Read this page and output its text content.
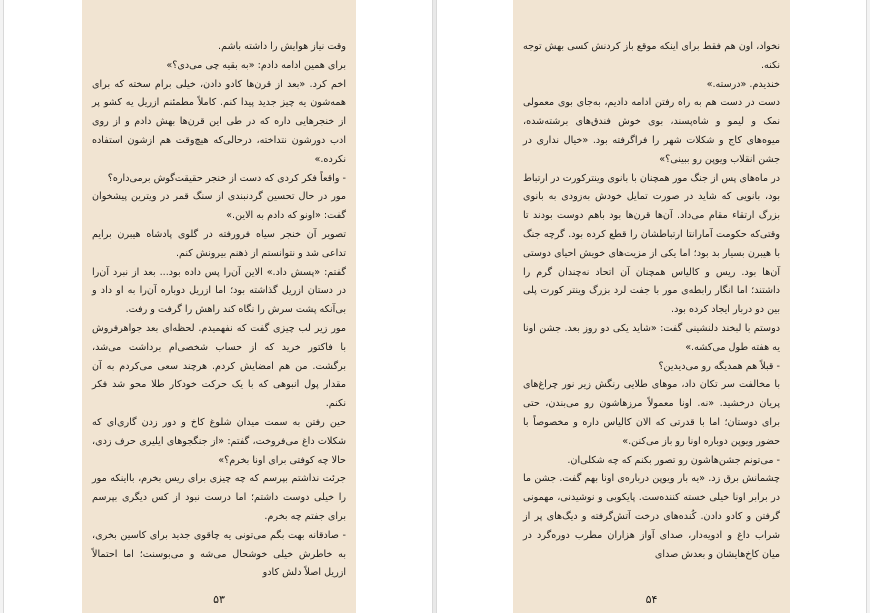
وقت نیاز هوایش را داشته باشم.

برای همین ادامه دادم: «به بقیه چی می‌دی؟»

اخم کرد. «بعد از قرن‌ها کادو دادن، خیلی برام سخته که برای همه‌شون یه چیز جدید پیدا کنم. کاملاً مطمئنم ازریل یه کشو پر از خنجرهایی داره که در طی این قرن‌ها بهش دادم و از روی ادب دورشون نتداخته، درحالی‌که هیچ‌وقت هم ازشون استفاده نکرده.»

- واقعاً فکر کردی که دست از خنجر حقیقت‌گوش برمی‌داره؟

مور در حال تحسین گردنبندی از سنگ قمر در ویترین پیشخوان گفت: «اونو که دادم به الاین.»

تصویر آن خنجر سیاه فرورفته در گلوی پادشاه هیبرن برایم تداعی شد و نتوانستم از ذهنم بیرونش کنم.

گفتم: «پسش داد.» الاین آن‌را پس داده بود... بعد از نبرد آن‌را در دستان ازریل گذاشته بود؛ اما ازریل دوباره آن‌را به او داد و بی‌آنکه پشت سرش را نگاه کند راهش را گرفت و رفت.

مور زیر لب چیزی گفت که نفهمیدم. لحظه‌ای بعد جواهرفروش با فاکتور خرید که از حساب شخصی‌ام برداشت می‌شد، برگشت. من هم امضایش کردم. هرچند سعی می‌کردم به آن مقدار پول انبوهی که با یک حرکت خودکار طلا محو شد فکر نکنم.

حین رفتن به سمت میدان شلوغ کاخ و دور زدن گاری‌ای که شکلات داغ می‌فروخت، گفتم: «از جنگجوهای ایلیری حرف زدی، حالا چه کوفتی برای اونا بخرم؟»

جرئت نداشتم بپرسم که چه چیزی برای ریس بخرم، بااینکه مور را خیلی دوست داشتم؛ اما درست نبود از کس دیگری بپرسم برای جفتم چه بخرم.

- صادقانه بهت بگم می‌تونی یه چاقوی جدید برای کاسین بخری، به خاطرش خیلی خوشحال می‌شه و می‌بوسنت؛ اما احتمالاً ازریل اصلاً دلش کادو

۵۳

نخواد، اون هم فقط برای اینکه موقع باز کردنش کسی بهش توجه نکنه.

خندیدم. «درسته.»

دست در دست هم به راه رفتن ادامه دادیم، به‌جای بوی معمولی نمک و لیمو و شاه‌پسند، بوی خوش فندق‌های برشته‌شده، میوه‌های کاج و شکلات شهر را فراگرفته بود. «خیال نداری در جشن انقلاب ویوپن رو ببینی؟»

در ماه‌های پس از جنگ مور همچنان با بانوی وینترکورت در ارتباط بود، بانویی که شاید در صورت تمایل خودش به‌زودی به بانوی بزرگ ارتقاء مقام می‌داد. آن‌ها قرن‌ها بود باهم دوست بودند تا وقتی‌که حکومت آمارانتا ارتباطشان را قطع کرده بود. گرچه جنگ با هیبرن بسیار بد بود؛ اما یکی از مزیت‌های خویش احیای دوستی آن‌ها بود. ریس و کالیاس همچنان آن اتحاد نه‌چندان گرم را داشتند؛ اما انگار رابطه‌ی مور با جفت لرد بزرگ وینتر کورت پلی بین دو دربار ایجاد کرده بود.

دوستم با لبخند دلنشینی گفت: «شاید یکی دو روز بعد. جشن اونا یه هفته طول می‌کشه.»

- قبلاً هم همدیگه رو می‌دیدین؟

با مخالفت سر تکان داد، موهای طلایی رنگش زیر نور چراغ‌های پریان درخشید. «نه. اونا معمولاً مرزهاشون رو می‌بندن، حتی برای دوستان؛ اما با قدرتی که الان کالیاس داره و مخصوصاً با حضور ویوپن دوباره اونا رو باز می‌کنن.»

- می‌تونم جشن‌هاشون رو تصور بکنم که چه شکلی‌ان.

چشمانش برق زد. «یه بار ویوپن درباره‌ی اونا بهم گفت. جشن ما در برابر اونا خیلی خسته کننده‌ست. پایکوبی و نوشیدنی، مهمونی گرفتن و کادو دادن. کُنده‌های درخت آتش‌گرفته و دیگ‌های پر از شراب داغ و ادویه‌دار، صدای آواز هزاران مطرب دوره‌گرد در میان کاخ‌هایشان و بعدش صدای

۵۴
